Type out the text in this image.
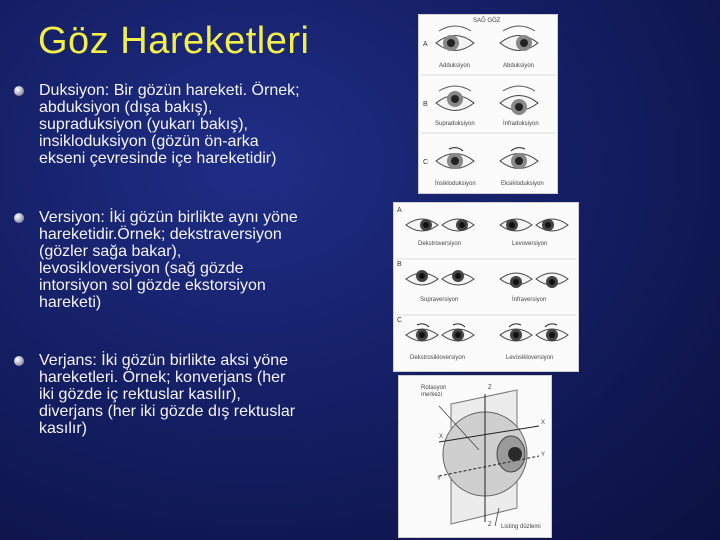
Göz Hareketleri
Duksiyon: Bir gözün hareketi. Örnek;
abduksiyon (dışa bakış),
supraduksiyon (yukarı bakış),
insikloduksiyon (gözün ön-arka
ekseni çevresinde içe hareketidir)
Versiyon: İki gözün birlikte aynı yöne
hareketidir.Örnek; dekstraversiyon
(gözler sağa bakar),
levosikloversiyon (sağ gözde
intorsiyon sol gözde ekstorsiyon
hareketi)
Verjans: İki gözün birlikte aksi yöne
hareketleri. Örnek; konverjans (her
iki gözde iç rektuslar kasılır),
diverjans (her iki gözde dış rektuslar
kasılır)
SAĞ GÖZ
A
B
C
Adduksiyon	Abduksiyon
Supraduksiyon	İnfraduksiyon
İnsikloduksiyon	Eksikloduksiyon
A
B
C
Dekstroversiyon	Levoversiyon
Supraversiyon	İnfraversiyon
Dekstrosikloversiyon	Levosikloversiyon
Rotasyon merkezi
Z
X
X
Y
Y
Z Listing düzlemi
